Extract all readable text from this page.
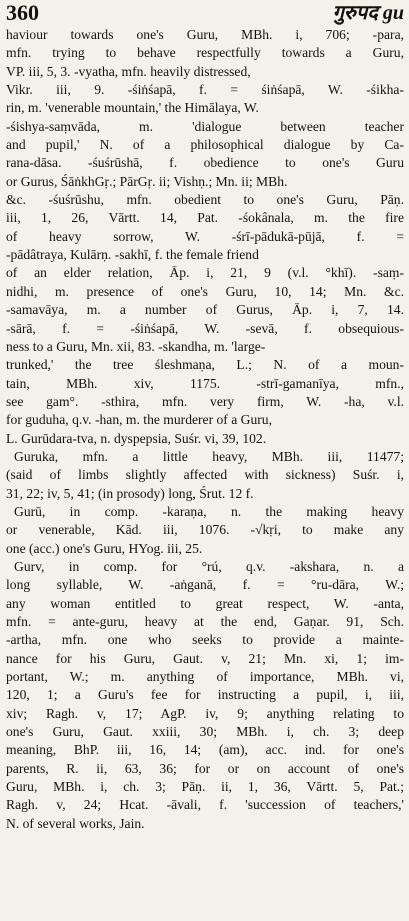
360	गुरुपद gu
haviour towards one's Guru, MBh. i, 706; -para,
mfn. trying to behave respectfully towards a Guru,
VP. iii, 5, 3. -vyatha, mfn. heavily distressed,
Vikr. iii, 9. -śiṅśapā, f. = śiṅśapā, W. -śikha-
rin, m. 'venerable mountain,' the Himālaya, W.
-śishya-saṃvāda, m. 'dialogue between teacher
and pupil,' N. of a philosophical dialogue by Ca-
rana-dāsa. -śuśrūshā, f. obedience to one's Guru
or Gurus, ŚāṅkhGṛ.; PārGṛ. ii; Vishṇ.; Mn. ii; MBh.
&c. -śuśrūshu, mfn. obedient to one's Guru, Pāṇ.
iii, 1, 26, Vārtt. 14, Pat. -śokânala, m. the fire
of heavy sorrow, W. -śrī-pādukā-pūjā, f. =
-pādâtraya, Kulārṇ. -sakhī, f. the female friend
of an elder relation, Āp. i, 21, 9 (v.l. °khī). -saṃ-
nidhi, m. presence of one's Guru, 10, 14; Mn. &c.
-samavāya, m. a number of Gurus, Āp. i, 7, 14.
-sārā, f. = -śiṅśapā, W. -sevā, f. obsequious-
ness to a Guru, Mn. xii, 83. -skandha, m. 'large-
trunked,' the tree śleshmaṇa, L.; N. of a moun-
tain, MBh. xiv, 1175. -strī-gamanīya, mfn.,
see gam°. -sthira, mfn. very firm, W. -ha, v.l.
for guduha, q.v. -han, m. the murderer of a Guru,
L. Gurūdara-tva, n. dyspepsia, Suśr. vi, 39, 102.
Guruka, mfn. a little heavy, MBh. iii, 11477;
(said of limbs slightly affected with sickness) Suśr. i,
31, 22; iv, 5, 41; (in prosody) long, Śrut. 12 f.
Gurū, in comp. -karaṇa, n. the making heavy
or venerable, Kād. iii, 1076. -√kṛi, to make any
one (acc.) one's Guru, HYog. iii, 25.
Gurv, in comp. for °rú, q.v. -akshara, n. a
long syllable, W. -aṅganā, f. = °ru-dāra, W.;
any woman entitled to great respect, W. -anta,
mfn. = ante-guru, heavy at the end, Gaṇar. 91, Sch.
-artha, mfn. one who seeks to provide a mainte-
nance for his Guru, Gaut. v, 21; Mn. xi, 1; im-
portant, W.; m. anything of importance, MBh. vi,
120, 1; a Guru's fee for instructing a pupil, i, iii,
xiv; Ragh. v, 17; AgP. iv, 9; anything relating to
one's Guru, Gaut. xxiii, 30; MBh. i, ch. 3; deep
meaning, BhP. iii, 16, 14; (am), acc. ind. for one's
parents, R. ii, 63, 36; for or on account of one's
Guru, MBh. i, ch. 3; Pāṇ. ii, 1, 36, Vārtt. 5, Pat.;
Ragh. v, 24; Hcat. -āvali, f. 'succession of teachers,'
N. of several works, Jain.
